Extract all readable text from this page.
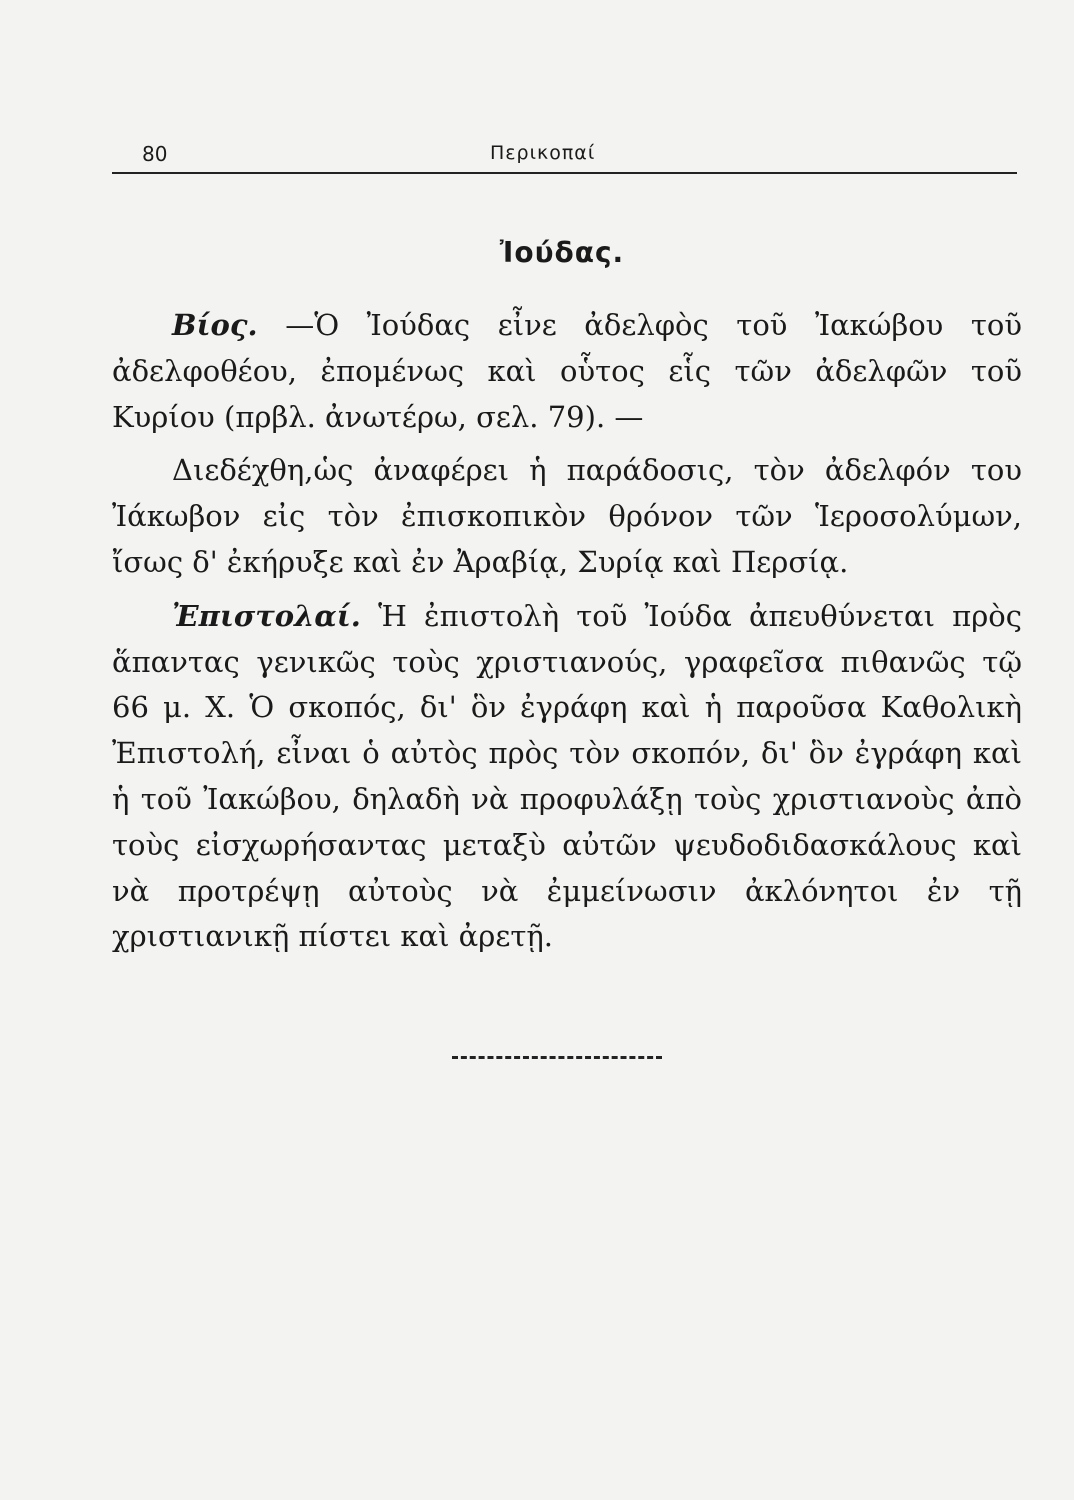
80	Περικοπαί
Ἰούδας.

Βίος. —Ὁ Ἰούδας εἶνε ἀδελφὸς τοῦ Ἰακώβου τοῦ ἀδελφοθέου, ἐπομένως καὶ οὗτος εἷς τῶν ἀδελφῶν τοῦ Κυρίου (πρβλ. ἀνωτέρω, σελ. 79). —

Διεδέχθη,ὡς ἀναφέρει ἡ παράδοσις, τὸν ἀδελφόν του Ἰάκωβον εἰς τὸν ἐπισκοπικὸν θρόνον τῶν Ἱεροσολύμων, ἴσως δ' ἐκήρυξε καὶ ἐν Ἀραβίᾳ, Συρίᾳ καὶ Περσίᾳ.

Ἐπιστολαί. Ἡ ἐπιστολὴ τοῦ Ἰούδα ἀπευθύνεται πρὸς ἅπαντας γενικῶς τοὺς χριστιανούς, γραφεῖσα πιθανῶς τῷ 66 μ. Χ. Ὁ σκοπός, δι' ὃν ἐγράφη καὶ ἡ παροῦσα Καθολικὴ Ἐπιστολή, εἶναι ὁ αὐτὸς πρὸς τὸν σκοπόν, δι' ὃν ἐγράφη καὶ ἡ τοῦ Ἰακώβου, δηλαδὴ νὰ προφυλάξῃ τοὺς χριστιανοὺς ἀπὸ τοὺς εἰσχωρήσαντας μεταξὺ αὐτῶν ψευδοδιδασκάλους καὶ νὰ προτρέψῃ αὐτοὺς νὰ ἐμμείνωσιν ἀκλόνητοι ἐν τῇ χριστιανικῇ πίστει καὶ ἀρετῇ.
